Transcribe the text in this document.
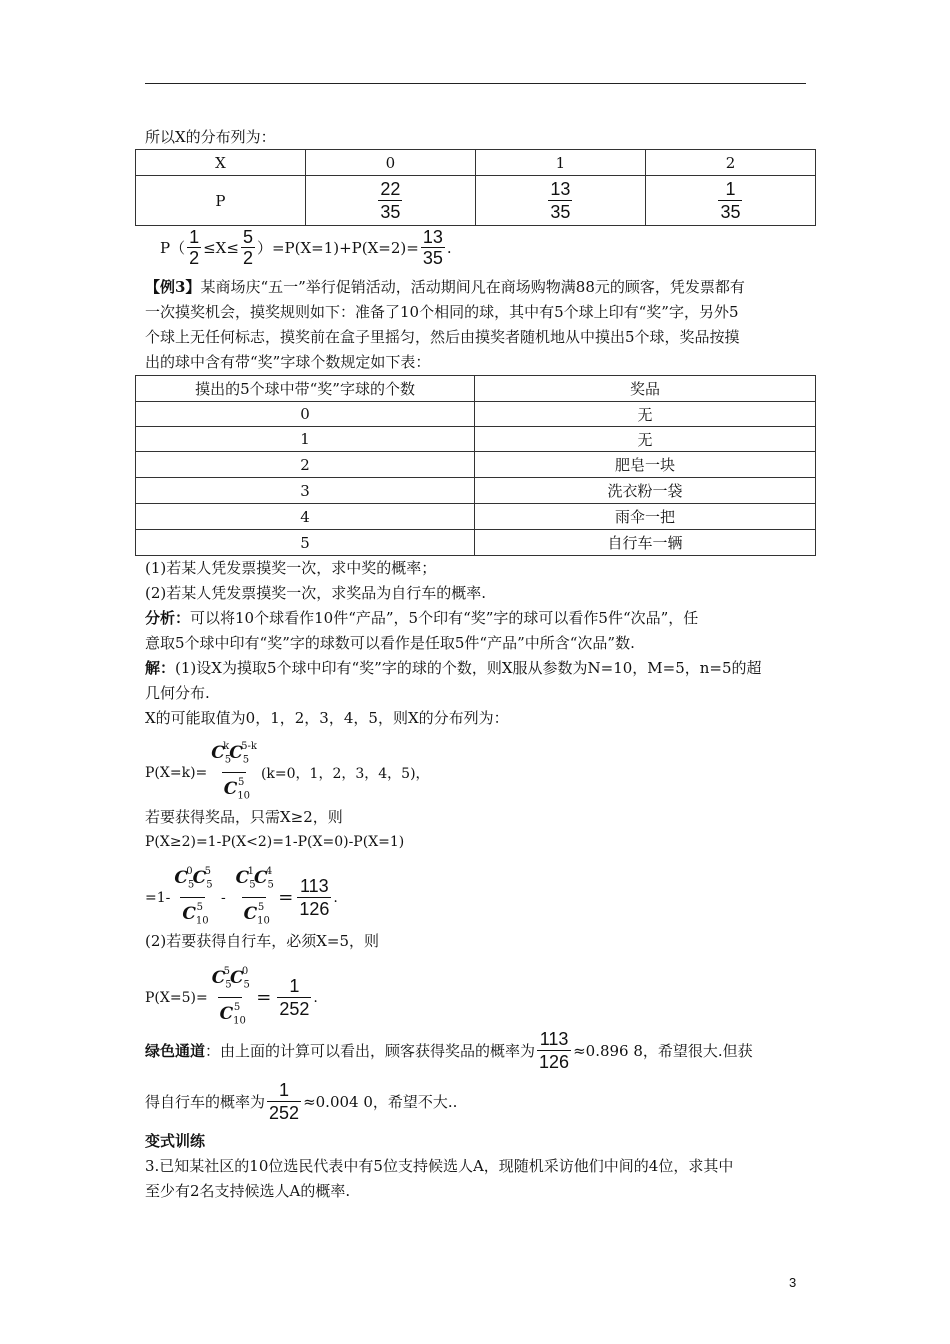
所以X的分布列为：
X	0	1	2
P	$\frac{22}{35}$	$\frac{13}{35}$	$\frac{1}{35}$
$P( \frac{1}{2} \le X\le \frac{5}{2} )=P(X=1)+P(X=2)= \frac{13}{35}$ .
【例3】某商场庆“五一”举行促销活动，活动期间凡在商场购物满88元的顾客，凭发票都有
一次摸奖机会，摸奖规则如下：准备了10个相同的球，其中有5个球上印有“奖”字，另外5
个球上无任何标志，摸奖前在盒子里摇匀，然后由摸奖者随机地从中摸出5个球，奖品按摸
出的球中含有带“奖”字球个数规定如下表：
摸出的5个球中带“奖”字球的个数	奖品
0	无
1	无
2	肥皂一块
3	洗衣粉一袋
4	雨伞一把
5	自行车一辆
(1)若某人凭发票摸奖一次，求中奖的概率；
(2)若某人凭发票摸奖一次，求奖品为自行车的概率.
分析：可以将10个球看作10件“产品”，5个印有“奖”字的球可以看作5件“次品”，任
意取5个球中印有“奖”字的球数可以看作是任取5件“产品”中所含“次品”数.
解：(1)设X为摸取5个球中印有“奖”字的球的个数，则X服从参数为N=10，M=5，n=5的超
几何分布.
X的可能取值为0，1，2，3，4，5，则X的分布列为：
$P(X=k)= \frac{C_5^kC_5^{5-k}}{C_{10}^5} (k=0$，1，2，3，4，5)，
若要获得奖品，只需X≥2，则
P(X≥2)=1-P(X<2)=1-P(X=0)-P(X=1)
$=1- \frac{C_5^0C_5^5}{C_{10}^5} - \frac{C_5^1C_5^4}{C_{10}^5} = \frac{113}{126}$ .
(2)若要获得自行车，必须X=5，则
$P(X=5)= \frac{C_5^5C_5^0}{C_{10}^5} = \frac{1}{252}$ .
绿色通道 ：由上面的计算可以看出，顾客获得奖品的概率为 $\frac{113}{126} \approx 0.896$ 8，希望很大.但获
得自行车的概率为 $\frac{1}{252} \approx 0.004$ 0，希望不大..
变式训练
3.已知某社区的10位选民代表中有5位支持候选人A，现随机采访他们中间的4位，求其中
至少有2名支持候选人A的概率.
3
